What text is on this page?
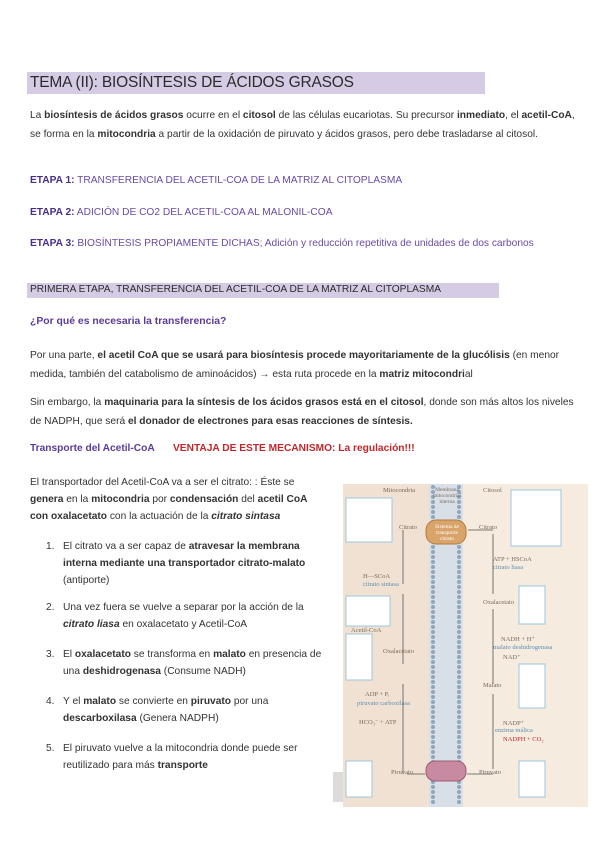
TEMA (II): BIOSÍNTESIS DE ÁCIDOS GRASOS
La biosíntesis de ácidos grasos ocurre en el citosol de las células eucariotas. Su precursor inmediato, el acetil-CoA, se forma en la mitocondria a partir de la oxidación de piruvato y ácidos grasos, pero debe trasladarse al citosol.
ETAPA 1: TRANSFERENCIA DEL ACETIL-COA DE LA MATRIZ AL CITOPLASMA
ETAPA 2: ADICIÓN DE CO2 DEL ACETIL-COA AL MALONIL-COA
ETAPA 3: BIOSÍNTESIS PROPIAMENTE DICHAS; Adición y reducción repetitiva de unidades de dos carbonos
PRIMERA ETAPA, TRANSFERENCIA DEL ACETIL-COA DE LA MATRIZ AL CITOPLASMA
¿Por qué es necesaria la transferencia?
Por una parte, el acetil CoA que se usará para biosíntesis procede mayoritariamente de la glucólisis (en menor medida, también del catabolismo de aminoácidos) → esta ruta procede en la matriz mitocondrial
Sin embargo, la maquinaria para la síntesis de los ácidos grasos está en el citosol, donde son más altos los niveles de NADPH, que será el donador de electrones para esas reacciones de síntesis.
Transporte del Acetil-CoA VENTAJA DE ESTE MECANISMO: La regulación!!!
El transportador del Acetil-CoA va a ser el citrato: : Éste se genera en la mitocondria por condensación del acetil CoA con oxalacetato con la actuación de la citrato sintasa
1. El citrato va a ser capaz de atravesar la membrana interna mediante una transportador citrato-malato (antiporte)
2. Una vez fuera se vuelve a separar por la acción de la citrato liasa en oxalacetato y Acetil-CoA
3. El oxalacetato se transforma en malato en presencia de una deshidrogenasa (Consume NADH)
4. Y el malato se convierte en piruvato por una descarboxilasa (Genera NADPH)
5. El piruvato vuelve a la mitocondria donde puede ser reutilizado para más transporte
Mitocondria	Membrana mitocondrial interna
Citosol
Sistema de transporte citrato
Citrato	Citrato
H—SCoA
citrato sintasa
Acetil-CoA
Oxalacetato
Oxalacetato
ATP + HSCoA
citrato liasa
NADH + H⁺
malato deshidrogenasa
NAD⁺
Malato
NADP⁺
enzima málica
NADPH + CO₂
ADP + Pᵢ
piruvato carboxilasa
HCO₃⁻ + ATP
Piruvato	Piruvato
